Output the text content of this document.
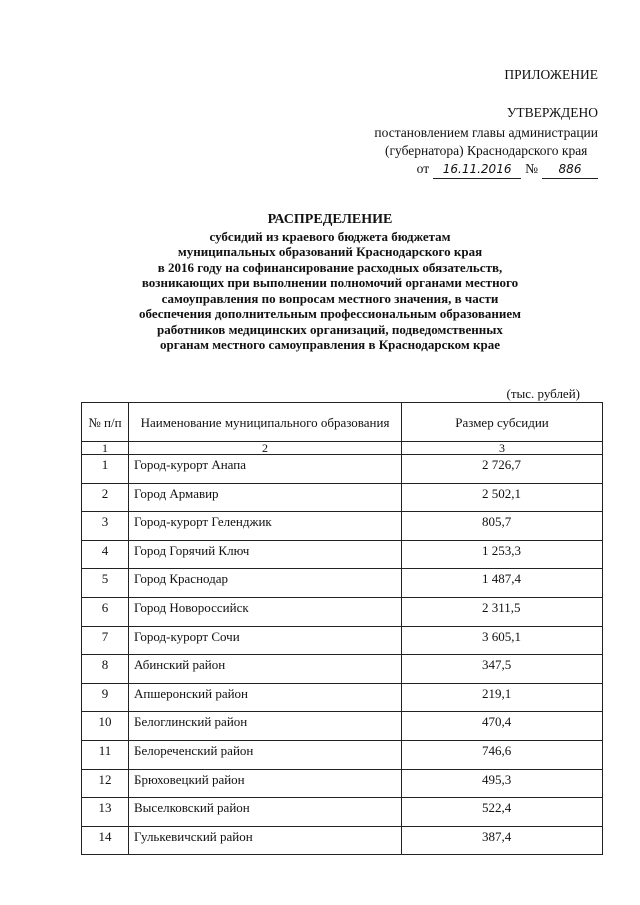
ПРИЛОЖЕНИЕ
УТВЕРЖДЕНО
постановлением главы администрации
(губернатора) Краснодарского края
от	16.11.2016	№	886
РАСПРЕДЕЛЕНИЕ
субсидий из краевого бюджета бюджетам
муниципальных образований Краснодарского края
в 2016 году на софинансирование расходных обязательств,
возникающих при выполнении полномочий органами местного
самоуправления по вопросам местного значения, в части
обеспечения дополнительным профессиональным образованием
работников медицинских организаций, подведомственных
органам местного самоуправления в Краснодарском крае
(тыс. рублей)
№ п/п	Наименование муниципального образования	Размер субсидии
1	2	3
1	Город-курорт Анапа	2 726,7
2	Город Армавир	2 502,1
3	Город-курорт Геленджик	805,7
4	Город Горячий Ключ	1 253,3
5	Город Краснодар	1 487,4
6	Город Новороссийск	2 311,5
7	Город-курорт Сочи	3 605,1
8	Абинский район	347,5
9	Апшеронский район	219,1
10	Белоглинский район	470,4
11	Белореченский район	746,6
12	Брюховецкий район	495,3
13	Выселковский район	522,4
14	Гулькевичский район	387,4
